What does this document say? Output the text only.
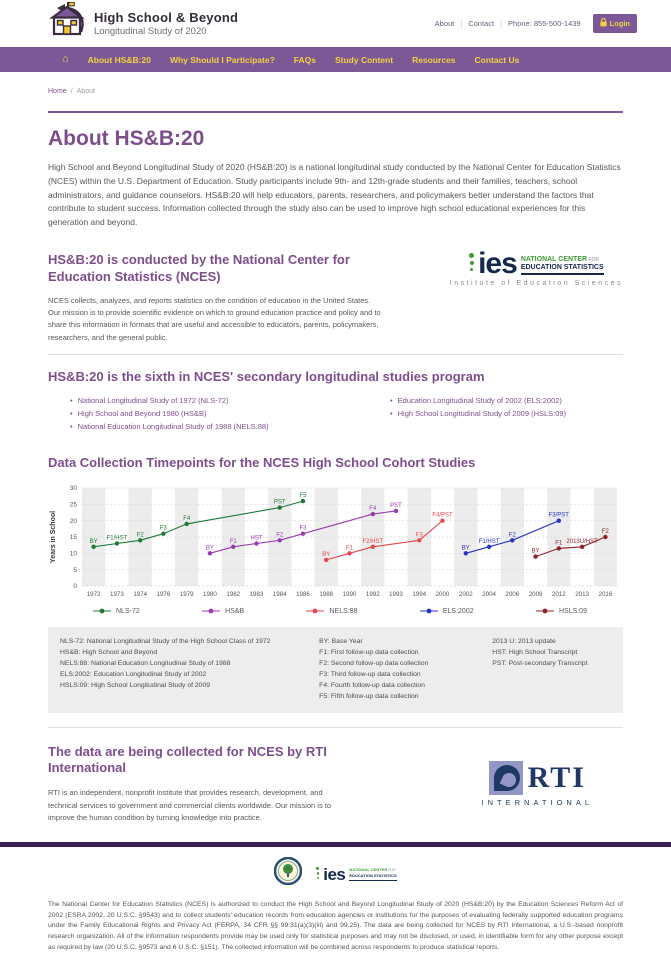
High School & Beyond
Longitudinal Study of 2020
About | Contact | Phone: 855-500-1439	Login
⌂ About HS&B:20 Why Should I Participate? FAQs Study Content Resources Contact Us
Home / About
About HS&B:20

High School and Beyond Longitudinal Study of 2020 (HS&B:20) is a national longitudinal study conducted by the National Center for Education Statistics (NCES) within the U.S. Department of Education. Study participants include 9th- and 12th-grade students and their families, teachers, school administrators, and guidance counselors. HS&B:20 will help educators, parents, researchers, and policymakers better understand the factors that contribute to student success. Information collected through the study also can be used to improve high school educational experiences for this generation and beyond.

HS&B:20 is conducted by the National Center for Education Statistics (NCES)

NCES collects, analyzes, and reports statistics on the condition of education in the United States. Our mission is to provide scientific evidence on which to ground education practice and policy and to share this information in formats that are useful and accessible to educators, parents, policymakers, researchers, and the general public.

ies NATIONAL CENTER FOR
EDUCATION STATISTICS
Institute of Education Sciences
HS&B:20 is the sixth in NCES' secondary longitudinal studies program
• National Longitudinal Study of 1972 (NLS-72)
• High School and Beyond 1980 (HS&B)
• National Education Longitudinal Study of 1988 (NELS:88)
• Education Longitudinal Study of 2002 (ELS:2002)
• High School Longitudinal Study of 2009 (HSLS:09)
Data Collection Timepoints for the NCES High School Cohort Studies
0
5
10
15
20
25
30
1972 1973 1974 1976 1979 1980 1982 1983 1984 1986 1988 1990 1992 1993 1994 2000 2002 2004 2006 2009 2012 2013 2016
BY
F1/HST
F2
F3
F4
PST
F5
BY
F1
HST
F2
F3
F4
PST
BY
F1
F2/HST
F3
F4/PST
BY
F1/HST
F2
F3/PST
BY
F1 2013U/HST
F2
Years in School
NLS-72	HS&B	NELS:88	ELS:2002	HSLS:09
NLS-72: National Longitudinal Study of the High School Class of 1972
HS&B: High School and Beyond
NELS:88: National Education Longitudinal Study of 1988
ELS:2002: Education Longitudinal Study of 2002
HSLS:09: High School Longitudinal Study of 2009
BY: Base Year
F1: First follow-up data collection
F2: Second follow-up data collection
F3: Third follow-up data collection
F4: Fourth follow-up data collection
F5: Fifth follow-up data collection
2013 U: 2013 update
HST: High School Transcript
PST: Post-secondary Transcript
The data are being collected for NCES by RTI International

RTI is an independent, nonprofit institute that provides research, development, and technical services to government and commercial clients worldwide. Our mission is to improve the human condition by turning knowledge into practice.

RTI
INTERNATIONAL
ies NATIONAL CENTER FOR
EDUCATION STATISTICS

The National Center for Education Statistics (NCES) is authorized to conduct the High School and Beyond Longitudinal Study of 2020 (HS&B:20) by the Education Sciences Reform Act of 2002 (ESRA 2002, 20 U.S.C. §9543) and to collect students' education records from education agencies or institutions for the purposes of evaluating federally supported education programs under the Family Educational Rights and Privacy Act (FERPA, 34 CFR §§ 99.31(a)(3)(iii) and 99.25). The data are being collected for NCES by RTI International, a U.S.-based nonprofit research organization. All of the information respondents provide may be used only for statistical purposes and may not be disclosed, or used, in identifiable form for any other purpose except as required by law (20 U.S.C. §9573 and 6 U.S.C. §151). The collected information will be combined across respondents to produce statistical reports.
